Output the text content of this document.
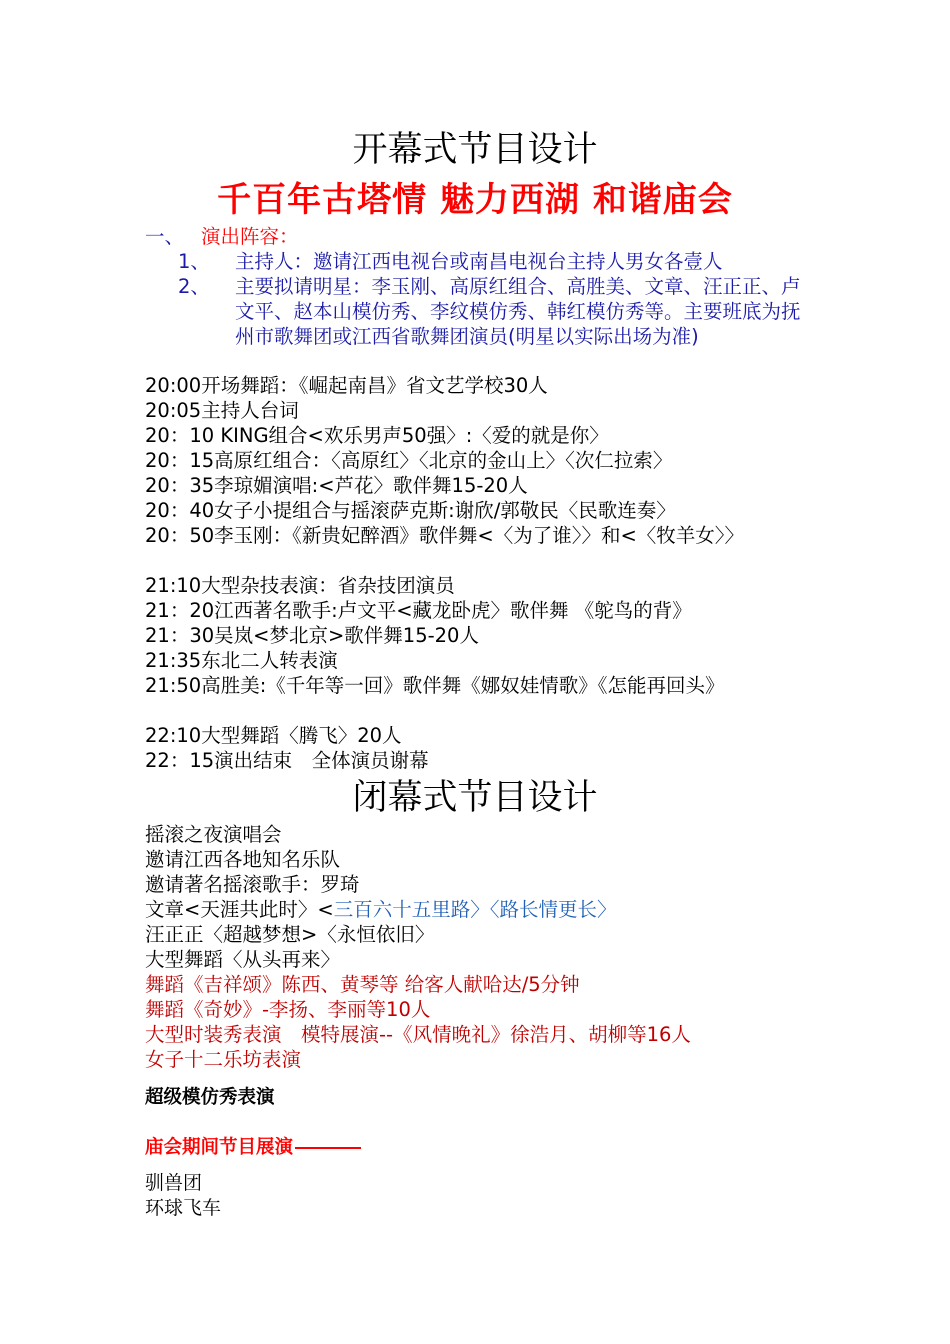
开幕式节目设计
千百年古塔情 魅力西湖 和谐庙会
一、 演出阵容：
1、	主持人：邀请江西电视台或南昌电视台主持人男女各壹人
2、	主要拟请明星：李玉刚、高原红组合、高胜美、文章、汪正正、卢文平、赵本山模仿秀、李纹模仿秀、韩红模仿秀等。主要班底为抚州市歌舞团或江西省歌舞团演员(明星以实际出场为准)
20:00开场舞蹈：《崛起南昌》省文艺学校30人
20:05主持人台词
20：10 KING组合<欢乐男声50强〉:〈爱的就是你〉
20：15高原红组合：〈高原红〉〈北京的金山上〉〈次仁拉索〉
20：35李琼媚演唱:<芦花〉歌伴舞15-20人
20：40女子小提组合与摇滚萨克斯:谢欣/郭敬民〈民歌连奏〉
20：50李玉刚：《新贵妃醉酒》歌伴舞<〈为了谁〉〉和<〈牧羊女〉〉
21:10大型杂技表演：省杂技团演员
21：20江西著名歌手:卢文平<藏龙卧虎〉歌伴舞 《鸵鸟的背》
21：30吴岚<梦北京>歌伴舞15-20人
21:35东北二人转表演
21:50高胜美:《千年等一回》歌伴舞《娜奴娃情歌》《怎能再回头》
22:10大型舞蹈〈腾飞〉20人
22：15演出结束　全体演员谢幕
闭幕式节目设计
摇滚之夜演唱会
邀请江西各地知名乐队
邀请著名摇滚歌手：罗琦
文章<天涯共此时〉<三百六十五里路〉〈路长情更长〉
汪正正〈超越梦想>〈永恒依旧〉
大型舞蹈〈从头再来〉
舞蹈《吉祥颂》陈西、黄琴等 给客人献哈达/5分钟
舞蹈《奇妙》-李扬、李丽等10人
大型时装秀表演　模特展演--《风情晚礼》徐浩月、胡柳等16人
女子十二乐坊表演
超级模仿秀表演
庙会期间节目展演
驯兽团
环球飞车
